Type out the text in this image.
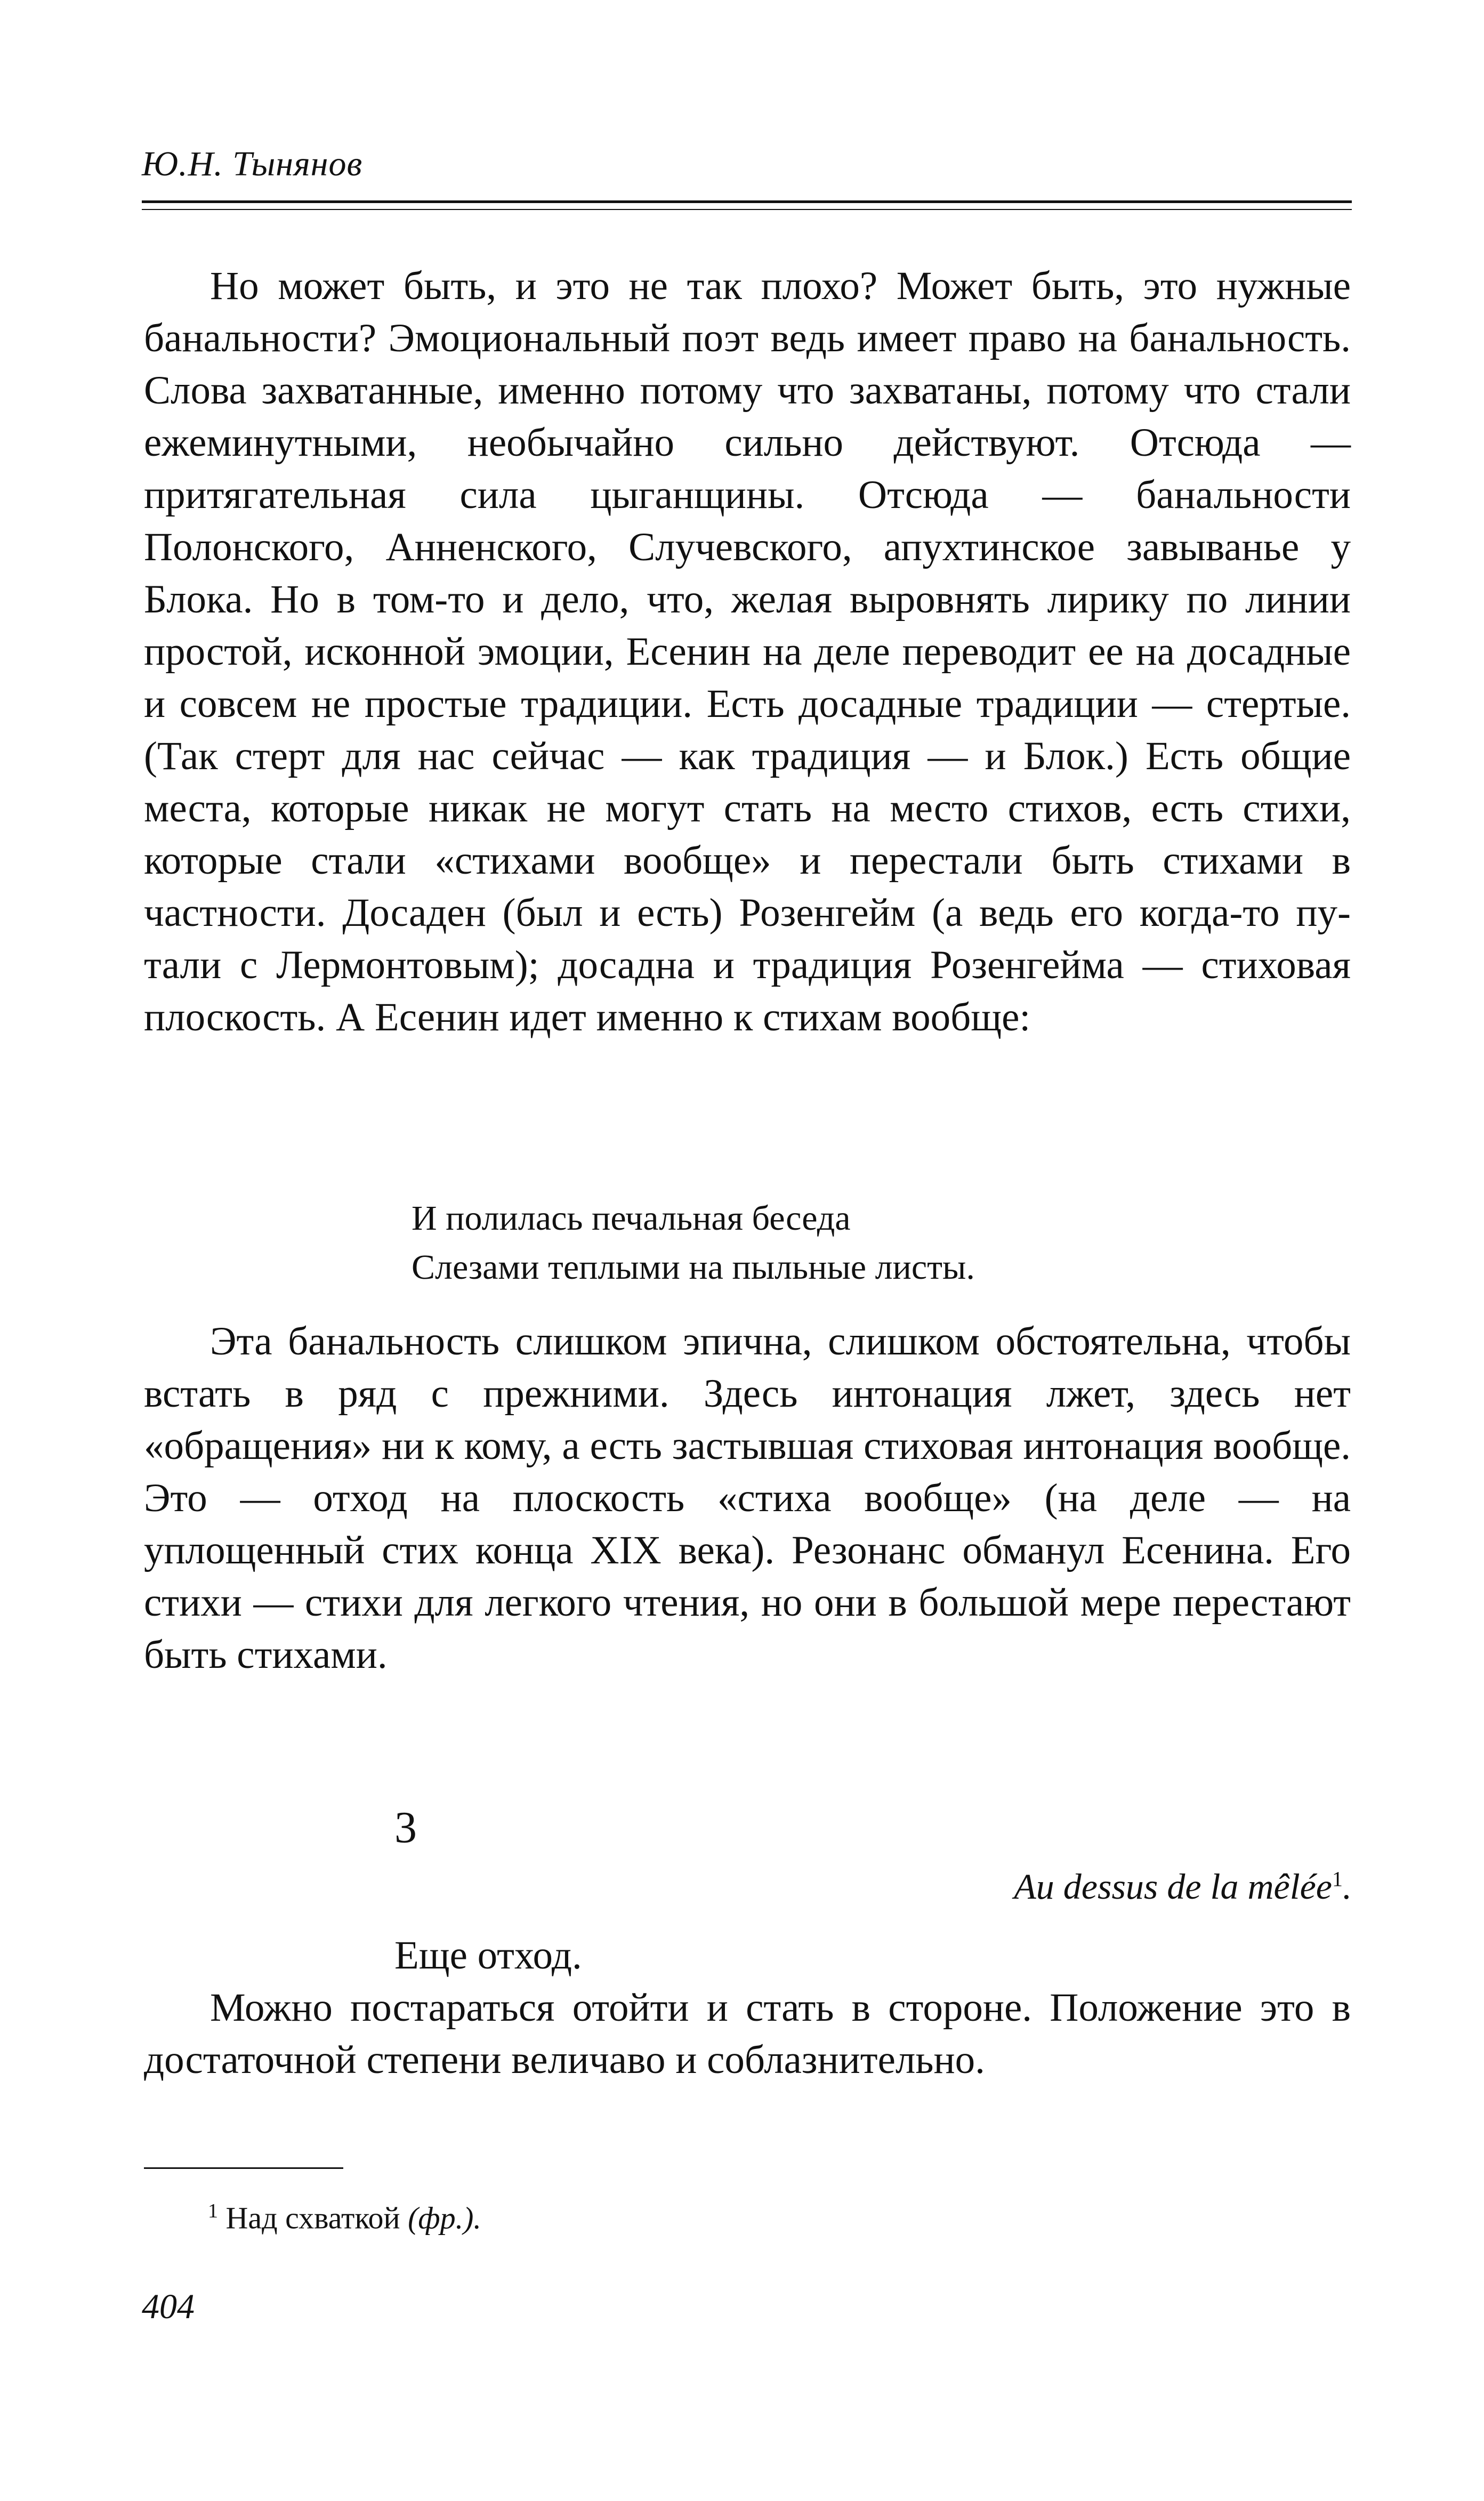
Ю.Н. Тынянов

Но может быть, и это не так плохо? Может быть, это нужные банальности? Эмоциональный поэт ведь имеет право на банальность. Слова захватанные, именно потому что захватаны, потому что стали ежеминутными, необычайно сильно действуют. Отсюда — притягательная сила цыганщины. Отсюда — банальности Полонского, Анненского, Случевского, апухтинское завыванье у Блока. Но в том-то и дело, что, желая выровнять лирику по линии простой, исконной эмоции, Есенин на деле переводит ее на досадные и совсем не простые традиции. Есть досадные традиции — стертые. (Так стерт для нас сейчас — как традиция — и Блок.) Есть общие места, которые никак не могут стать на место стихов, есть стихи, которые стали «стихами вообще» и перестали быть стихами в частности. Досаден (был и есть) Розенгейм (а ведь его когда-то путали с Лермонтовым); досадна и традиция Розенгейма — стиховая плоскость. А Есенин идет именно к стихам вообще:

И полилась печальная беседа
Слезами теплыми на пыльные листы.

Эта банальность слишком эпична, слишком обстоятельна, чтобы встать в ряд с прежними. Здесь интонация лжет, здесь нет «обращения» ни к кому, а есть застывшая стиховая интонация вообще. Это — отход на плоскость «стиха вообще» (на деле — на уплощенный стих конца XIX века). Резонанс обманул Есенина. Его стихи — стихи для легкого чтения, но они в большой мере перестают быть стихами.

3
Au dessus de la mêlée$^1$.

Еще отход.

Можно постараться отойти и стать в стороне. Положение это в достаточной степени величаво и соблазнительно.

$^1$ Над схваткой (фр.).
404
